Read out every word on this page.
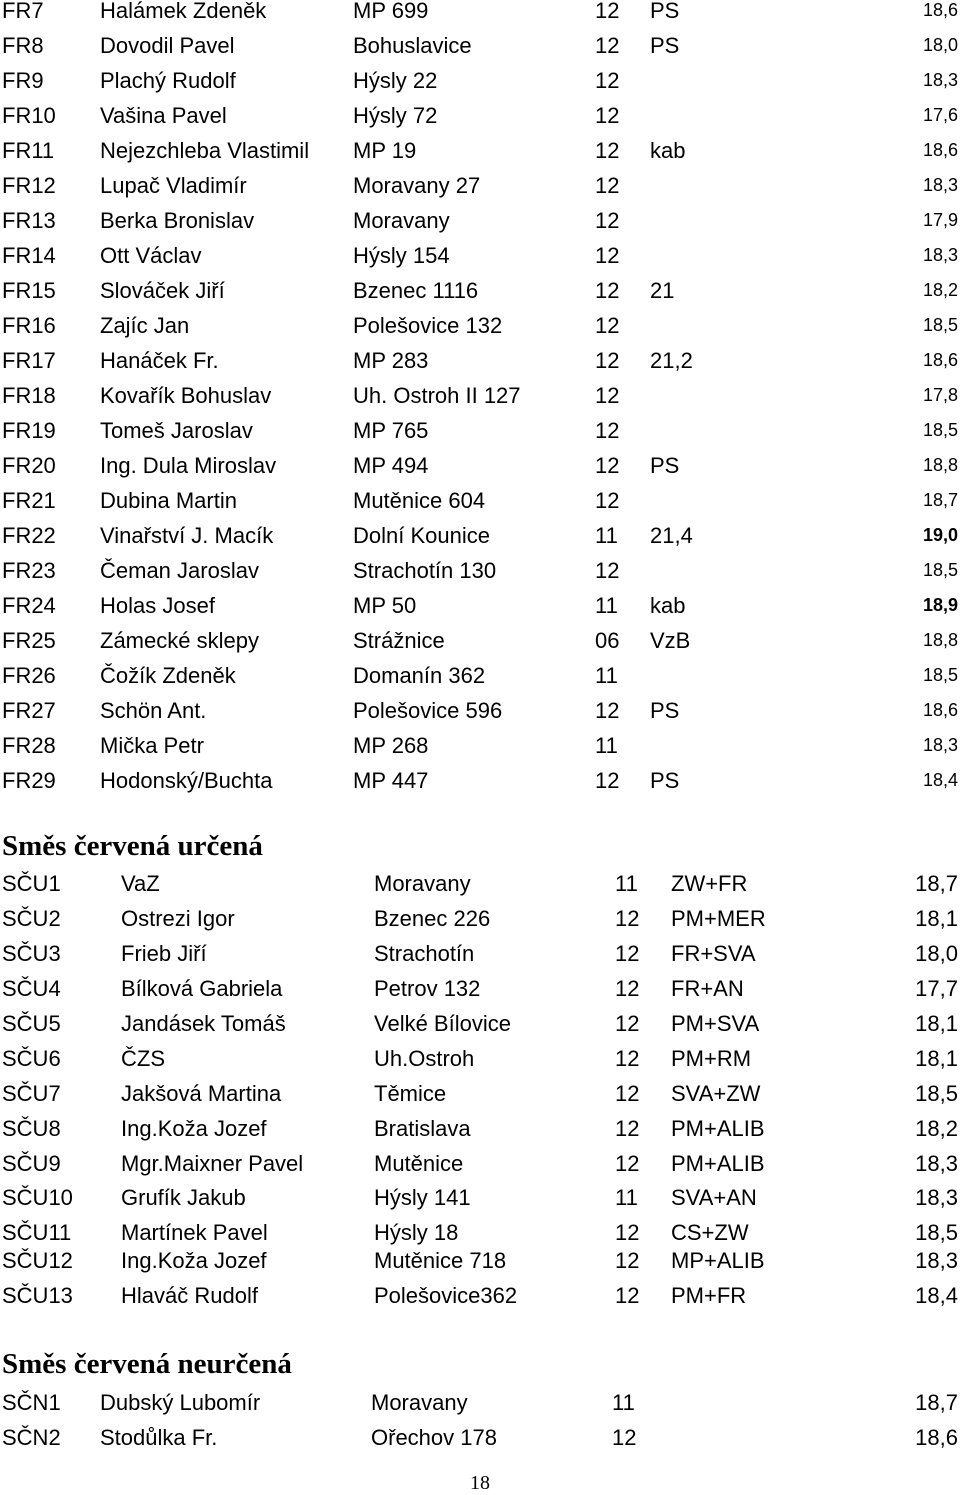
FR7	Halámek Zdeněk	MP 699	12 PS	18,6
FR8	Dovodil Pavel	Bohuslavice	12 PS	18,0
FR9	Plachý Rudolf	Hýsly 22	12	18,3
FR10 Vašina Pavel	Hýsly 72	12	17,6
FR11 Nejezchleba Vlastimil MP 19	12 kab	18,6
FR12 Lupač Vladimír	Moravany 27	12	18,3
FR13 Berka Bronislav	Moravany	12	17,9
FR14 Ott Václav	Hýsly 154	12	18,3
FR15 Slováček Jiří	Bzenec 1116	12 21	18,2
FR16 Zajíc Jan	Polešovice 132	12	18,5
FR17 Hanáček Fr.	MP 283	12 21,2	18,6
FR18 Kovařík Bohuslav	Uh. Ostroh II 127	12	17,8
FR19 Tomeš Jaroslav	MP 765	12	18,5
FR20 Ing. Dula Miroslav	MP 494	12 PS	18,8
FR21 Dubina Martin	Mutěnice 604	12	18,7
FR22 Vinařství J. Macík	Dolní Kounice	11 21,4	19,0
FR23 Čeman Jaroslav	Strachotín 130	12	18,5
FR24 Holas Josef	MP 50	11 kab	18,9
FR25 Zámecké sklepy	Strážnice	06 VzB	18,8
FR26 Čožík Zdeněk	Domanín 362	11	18,5
FR27 Schön Ant.	Polešovice 596	12 PS	18,6
FR28 Mička Petr	MP 268	11	18,3
FR29 Hodonský/Buchta	MP 447	12 PS	18,4
Směs červená určená
SČU1	VaZ	Moravany	11 ZW+FR	18,7
SČU2	Ostrezi Igor	Bzenec 226	12 PM+MER	18,1
SČU3	Frieb Jiří	Strachotín	12 FR+SVA	18,0
SČU4	Bílková Gabriela	Petrov 132	12 FR+AN	17,7
SČU5	Jandásek Tomáš	Velké Bílovice	12 PM+SVA	18,1
SČU6	ČZS	Uh.Ostroh	12 PM+RM	18,1
SČU7	Jakšová Martina	Těmice	12 SVA+ZW	18,5
SČU8	Ing.Koža Jozef	Bratislava	12 PM+ALIB	18,2
SČU9	Mgr.Maixner Pavel	Mutěnice	12 PM+ALIB	18,3
SČU10 Grufík Jakub	Hýsly 141	11 SVA+AN	18,3
SČU11 Martínek Pavel	Hýsly 18	12 CS+ZW	18,5
SČU12 Ing.Koža Jozef	Mutěnice 718	12 MP+ALIB	18,3
SČU13 Hlaváč Rudolf	Polešovice362	12 PM+FR	18,4
Směs červená neurčená
SČN1 Dubský Lubomír	Moravany	11	18,7
SČN2 Stodůlka Fr.	Ořechov 178	12	18,6
18
